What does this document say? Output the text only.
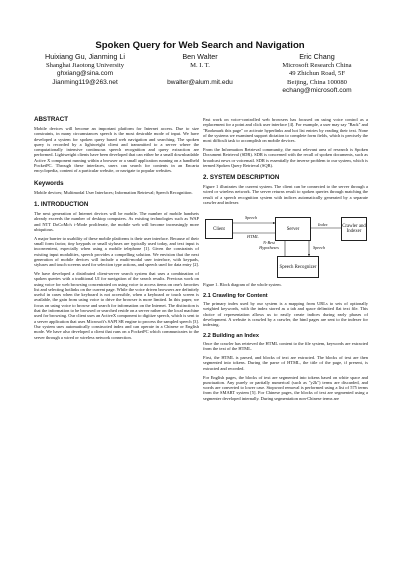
Spoken Query for Web Search and Navigation
Huixiang Gu, Jianming Li
Shanghai Jiaotong University
ghxiang@sina.com
Jianming119@263.net
Ben Walter
M. I. T.
bwalter@alum.mit.edu
Eric Chang
Microsoft Research China
49 Zhichun Road, 5F
Beijing, China 100080
echang@microsoft.com
ABSTRACT

Mobile devices will become an important platform for Internet access. Due to size constraints, in many circumstances speech is the most desirable mode of input. We have developed a system for spoken query based web navigation and searching. The spoken query is recorded by a lightweight client and transmitted to a server where the computationally intensive continuous speech recognition and query extraction are performed. Lightweight clients have been developed that can either be a small downloadable Active X component running within a browser or a small application running on a handheld PocketPC. Through these interfaces, users can search for contents in an Encarta encyclopedia, content of a particular website, or navigate to popular websites.

Keywords

Mobile devices; Multimodal User Interfaces; Information Retrieval; Speech Recognition.

1. INTRODUCTION

The next generation of Internet devices will be mobile. The number of mobile handsets already exceeds the number of desktop computers. As existing technologies such as WAP and NTT DoCoMo's i-Mode proliferate, the mobile web will become increasingly more ubiquitous.

A major barrier to usability of these mobile platforms is their user interface. Because of their small form factor, tiny keypads or small styluses are typically used today, and text input is inconvenient, especially when using a mobile telephone [1]. Given the constraints of existing input modalities, speech provides a compelling solution. We envision that the next generation of mobile devices will include a multi-modal user interface, with keypads, styluses and touch screens used for selection type actions, and speech used for data entry [2].

We have developed a distributed client-server search system that uses a combination of spoken queries with a traditional UI for navigation of the search results. Previous work on using voice for web browsing concentrated on using voice to access items on one's favorites list and selecting hotlinks on the current page. While the voice driven browsers are definitely useful in cases when the keyboard is not accessible, when a keyboard or touch screen is available, the gain from using voice to drive the browser is more limited. In this paper, we focus on using voice to browse and search for information on the Internet. The distinction is that the information to be browsed or searched reside on a server rather on the local machine used for browsing. Our client uses an ActiveX component to digitize speech, which is sent to a server application that uses Microsoft's SAPI SR engine to process the sampled speech [3]. Our system uses automatically constructed index and can operate in a Chinese or English mode. We have also developed a client that runs on a PocketPC which communicates to the server through a wired or wireless network connection.

Past work on voice-controlled web browsers has focused on using voice control as a replacement for a point and click user interface [4]. For example, a user may say "Back" and "Bookmark this page" or activate hyperlinks and hot list entries by reading their text. None of the systems we examined support dictation to complete form fields, which is precisely the most difficult task to accomplish on mobile devices.

From the Information Retrieval community, the most relevant area of research is Spoken Document Retrieval (SDR). SDR is concerned with the recall of spoken documents, such as broadcast news or voicemail. SDR is essentially the inverse problem to our system, which is termed Spoken Query Retrieval (SQR).

2. SYSTEM DESCRIPTION

Figure 1 illustrates the current system. The client can be connected to the server through a wired or wireless network. The server returns result to spoken queries through matching the result of a speech recognition system with indices automatically generated by a separate crawler and indexer.

Client	Server	Crawler and Indexer
Speech Recognizer
Speech
HTML
Index
N-Best Hypotheses	Speech
Figure 1. Block diagram of the whole system.
2.1 Crawling for Content

The primary index used by our system is a mapping from URLs to sets of optionally weighted keywords, with the index stored as a tab and space delimited flat text file. This choice of representation allows us to easily create indices during early phases of development. A website is crawled by a crawler, the html pages are sent to the indexer for indexing.

2.2 Building an Index

Once the crawler has retrieved the HTML content to the file system, keywords are extracted from the text of the HTML.

First, the HTML is parsed, and blocks of text are extracted. The blocks of text are then segmented into tokens. During the parse of HTML, the title of the page, if present, is extracted and recorded.

For English pages, the blocks of text are segmented into tokens based on white space and punctuation. Any purely or partially numerical (such as "y2k") terms are discarded, and words are converted to lower case. Stopword removal is performed using a list of 575 terms from the SMART system [5]. For Chinese pages, the blocks of text are segmented using a segmenter developed internally. During segmentation non-Chinese terms are
